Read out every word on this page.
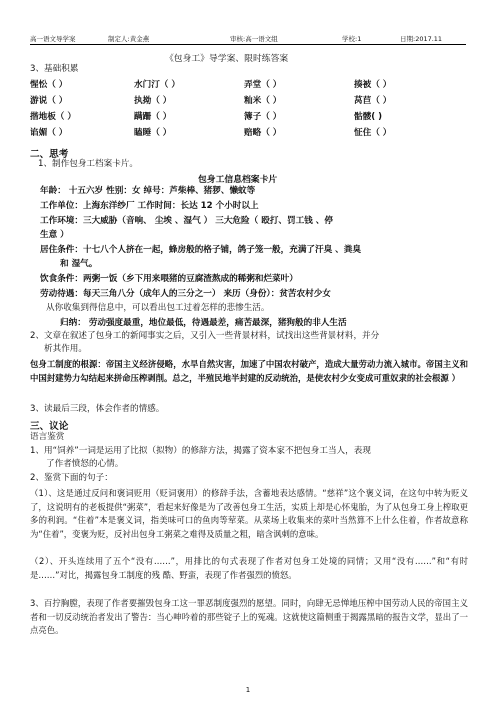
高一语文导学案	制定人:黄金燕	审核:高一语文组	学校:1	日期:2017.11
《包身工》导学案、限时练答案
3、基础积累
惺忪（ ）	水门汀（ ）	弄堂（ ）	揍被（ ）
游说（ ）	执拗（ ）	籼米（ ）	莴苣（ ）
揩地板（ ）	蹒跚（ ）	簿子（ ）	骷髅( )
谄媚（ ）	瞌睡（ ）	赔略（ ）	怔住（ ）
二、思考
1、制作包身工档案卡片。
包身工信息档案卡片
年龄： 十五六岁 性别：女 绰号：芦柴棒、猪猡、懒蚊等
工作单位：上海东洋纱厂 工作时间：长达 12 个小时以上
工作环境：三大威胁（音响、 尘埃 、湿气 ） 三大危险（ 殴打、罚工钱 、停
生意 ）
居住条件：十七八个人挤在一起，蜂房般的格子铺，鸽子笼一般，充满了汗臭 、粪臭
和 湿气。
饮食条件：两粥一饭（乡下用来喂猪的豆腐渣熬成的稀粥和烂菜叶）
劳动待遇：每天三角八分（成年人的三分之一） 来历（身份）：贫苦农村少女
从你收集到得信息中，可以看出包工过着怎样的悲惨生活。
归纳： 劳动强度最重，地位最低，待遇最差，痛苦最深，猪狗般的非人生活
2、文章在叙述了包身工的新闻事实之后，又引入一些背景材料，试找出这些背景材料，并分
析其作用。
包身工制度的根源：帝国主义经济侵略，水旱自然灾害，加速了中国农村破产，造成大量劳动力流入城市。帝国主义和中国封建势力勾结起来拼命压榨剥削。总之，半殖民地半封建的反动统治，是使农村少女变成可重奴隶的社会根源 ）
3、读最后三段，体会作者的情感。
三、议论
语言鉴赏
1、用“饲养”一词是运用了比拟（拟物）的修辞方法，揭露了资本家不把包身工当人，表现
了作者愤怒的心情。
2、鉴赏下面的句子：
（1）、这是通过反问和褒词贬用（贬词褒用）的修辞手法，含蓄地表达感情。“慈祥”这个褒义词，在这句中转为贬义了，这说明有的老板提供“粥菜”，看起来好像是为了改善包身工生活，实质上却是心怀鬼胎，为了从包身工身上榨取更多的利润。“住着”本是褒义词，指美味可口的鱼肉等荤菜。从菜场上收集来的菜叶当然算不上什么住着，作者故意称为“住着”，变褒为贬，反衬出包身工粥菜之难得及质量之粗，暗含讽刺的意味。
（2）、开头连续用了五个“没有……”，用排比的句式表现了作者对包身工处境的同情；又用“没有……”和“有时是……”对比，揭露包身工制度的残 酷、野蛮，表现了作者强烈的愤怒。
3、百拧胸膛，表现了作者要摧毁包身工这一罪恶制度强烈的愿望。同时，向肆无忌惮地压榨中国劳动人民的帝国主义者和一切反动统治者发出了警告：当心呻吟着的那些锭子上的冤魂。这就使这篇侧重于揭露黑暗的报告文学，显出了一点亮色。
1
